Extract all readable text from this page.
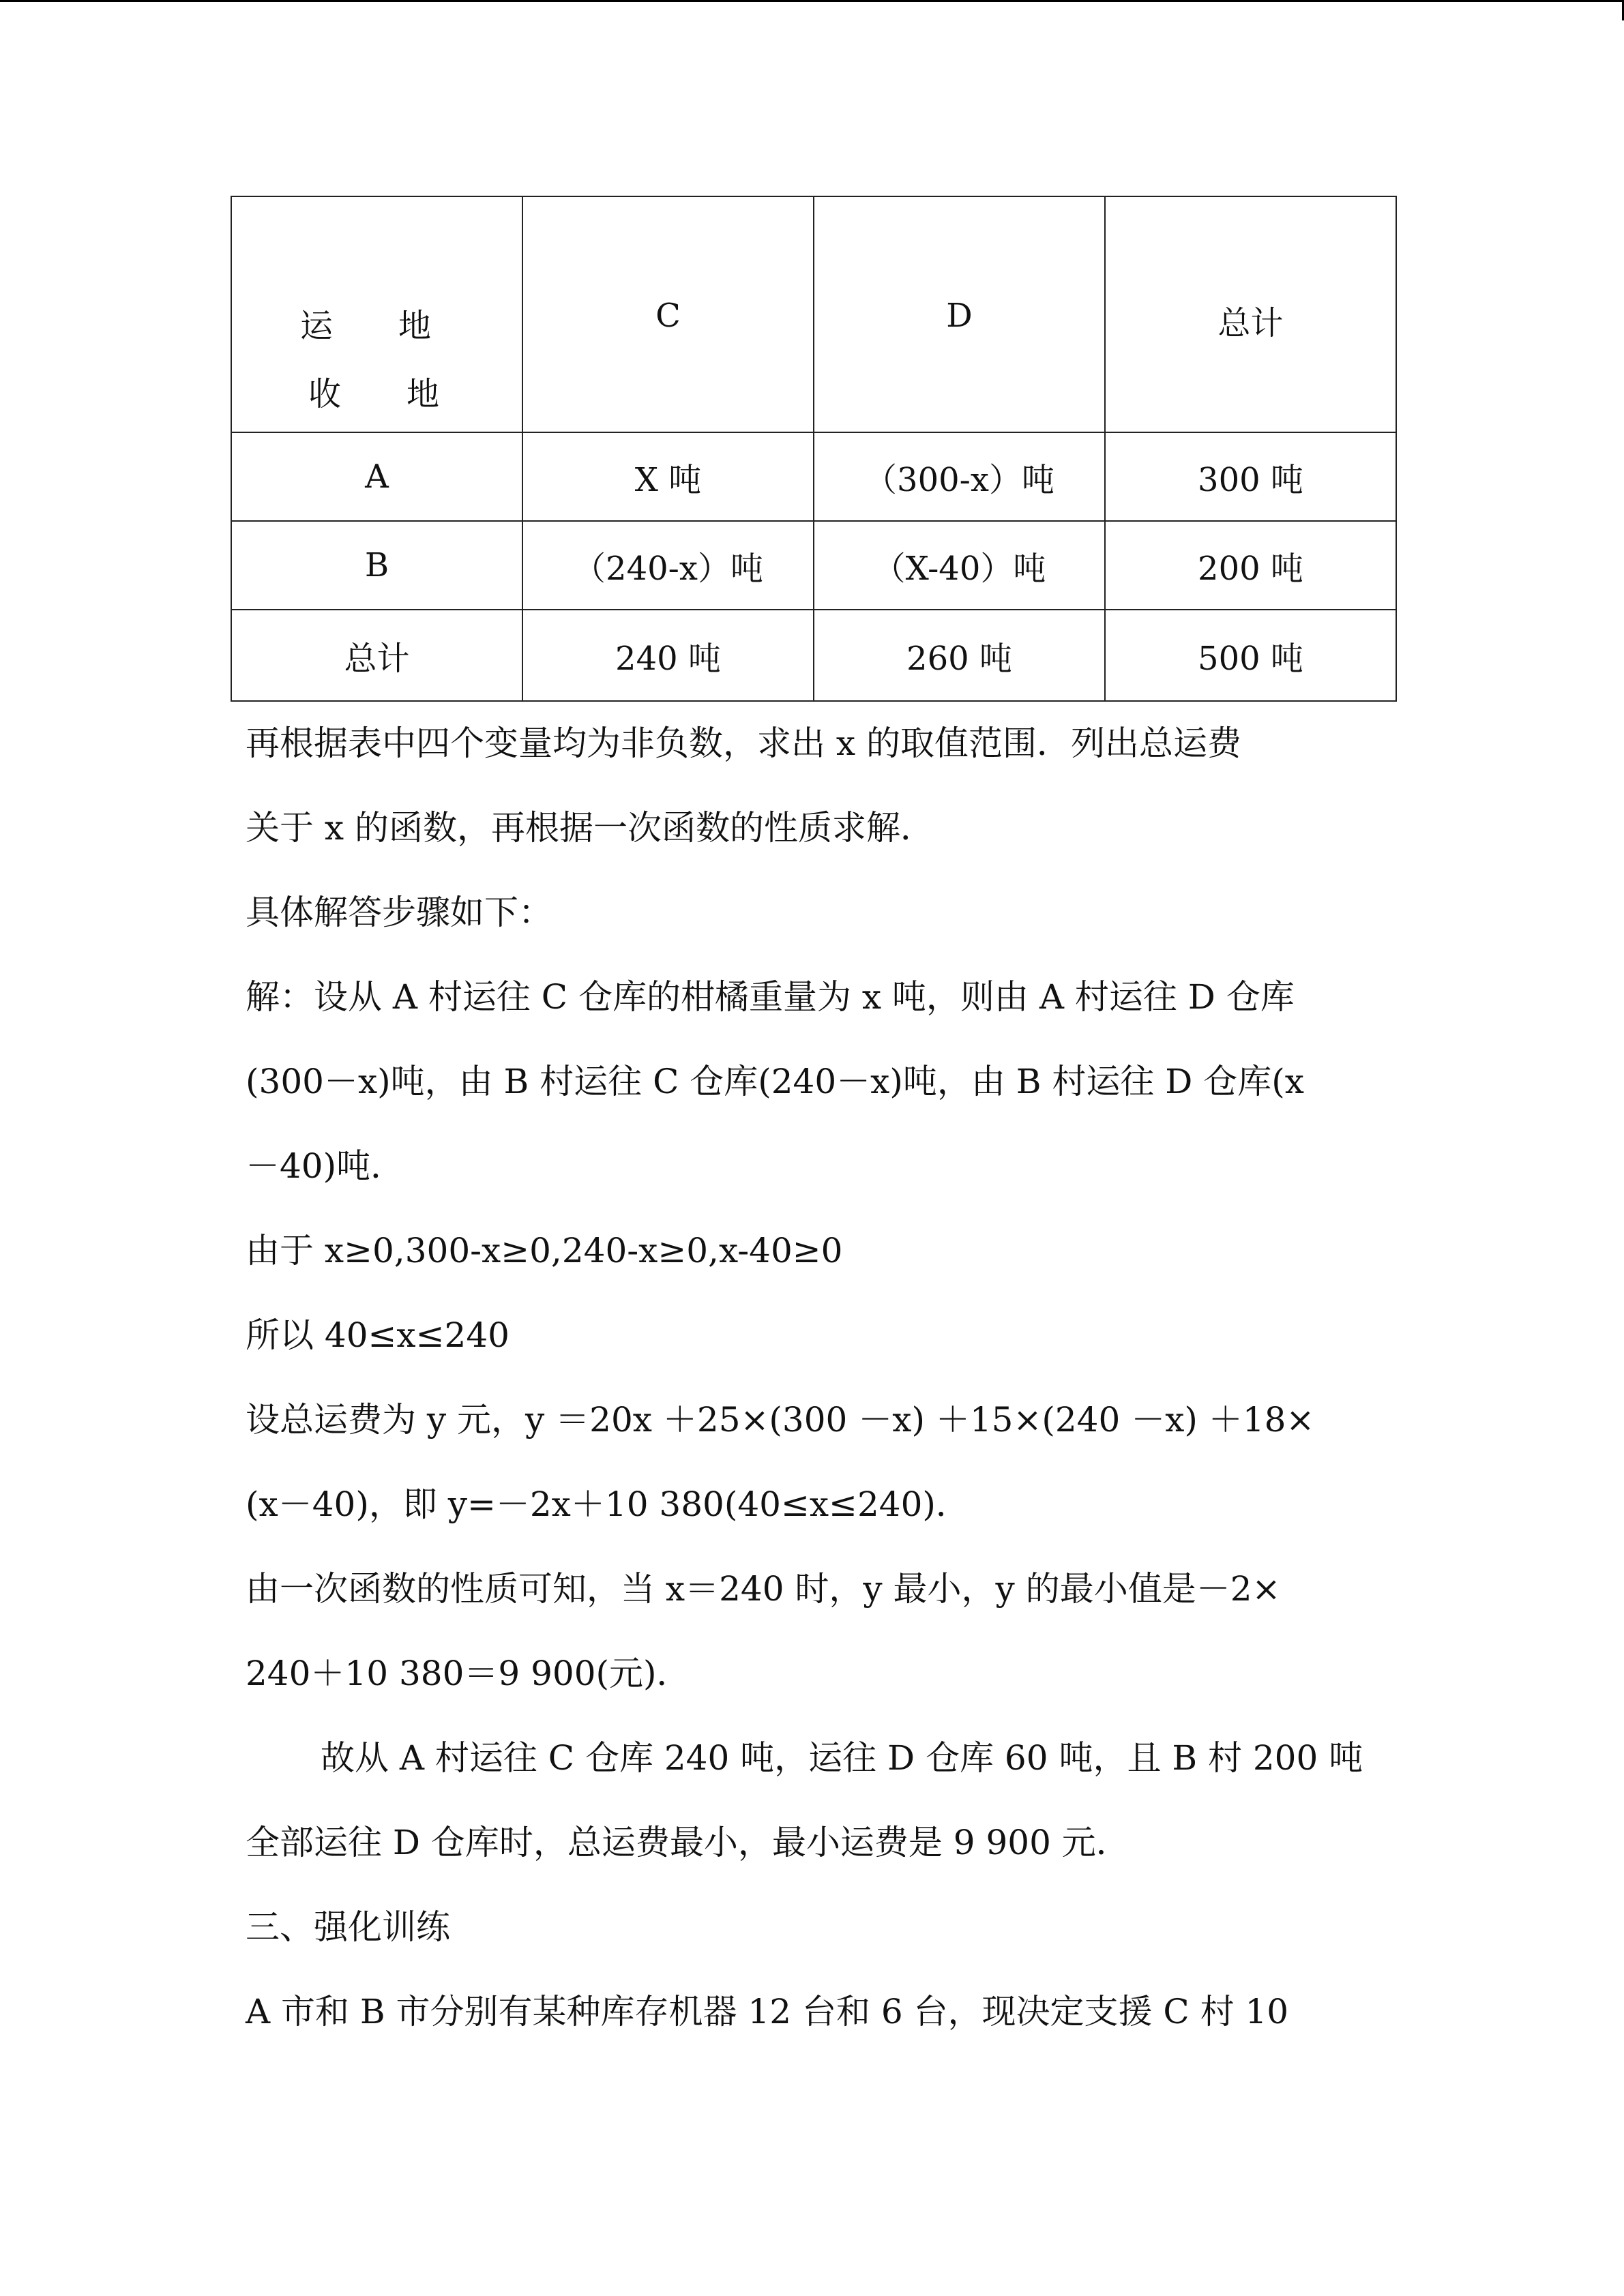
运 地
收 地	C	D	总计

A	X 吨	（300-x）吨	300 吨
B	（240-x）吨	（X-40）吨	200 吨
总计	240 吨	260 吨	500 吨

再根据表中四个变量均为非负数，求出 x 的取值范围．列出总运费

关于 x 的函数，再根据一次函数的性质求解．

具体解答步骤如下：

解：设从 A 村运往 C 仓库的柑橘重量为 x 吨，则由 A 村运往 D 仓库

(300－x)吨，由 B 村运往 C 仓库(240－x)吨，由 B 村运往 D 仓库(x

－40)吨．

由于 x≥0,300-x≥0,240-x≥0,x-40≥0

所以 40≤x≤240

设总运费为 y 元，y ＝20x ＋25×(300 －x) ＋15×(240 －x) ＋18×

(x－40)，即 y=－2x＋10 380(40≤x≤240)．

由一次函数的性质可知，当 x＝240 时，y 最小，y 的最小值是－2×

240＋10 380＝9 900(元)．

故从 A 村运往 C 仓库 240 吨，运往 D 仓库 60 吨，且 B 村 200 吨

全部运往 D 仓库时，总运费最小，最小运费是 9 900 元．

三、强化训练

A 市和 B 市分别有某种库存机器 12 台和 6 台，现决定支援 C 村 10
